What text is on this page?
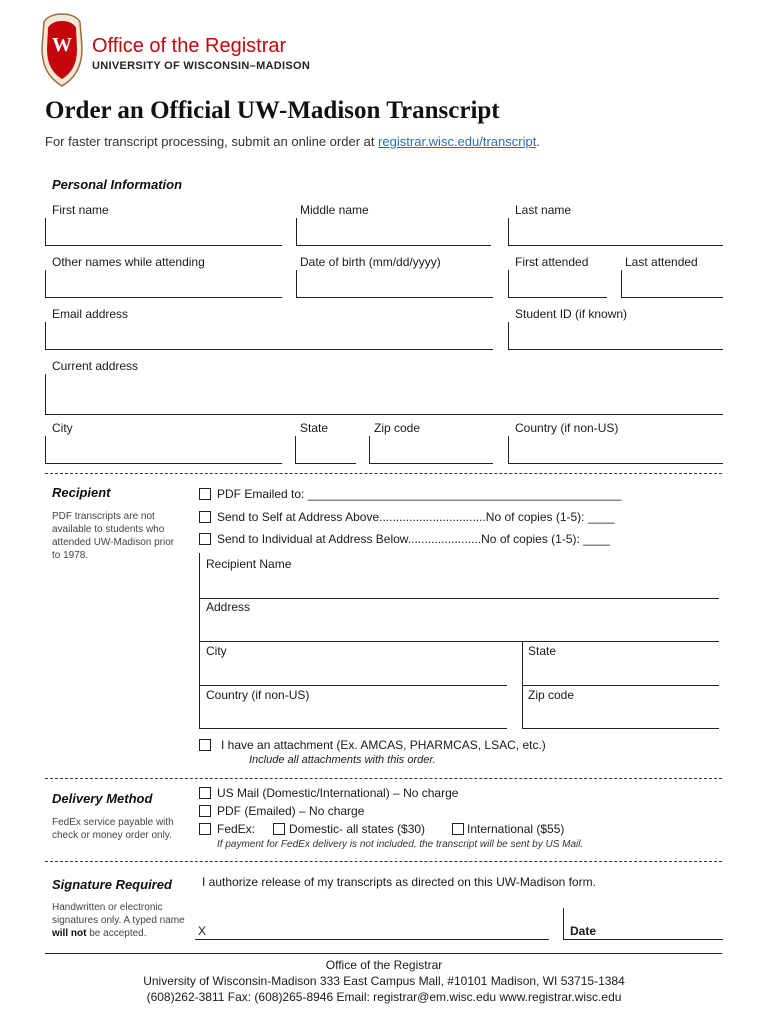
W	Office of the Registrar
UNIVERSITY OF WISCONSIN–MADISON
Order an Official UW-Madison Transcript
For faster transcript processing, submit an online order at registrar.wisc.edu/transcript.
Personal Information
First name	Middle name	Last name
Other names while attending	Date of birth (mm/dd/yyyy)	First attended	Last attended
Email address	Student ID (if known)
Current address
City	State	Zip code	Country (if non-US)
Recipient
PDF transcripts are not available to students who attended UW-Madison prior to 1978.
PDF Emailed to: _______________________________________________
Send to Self at Address Above................................No of copies (1-5): ____
Send to Individual at Address Below......................No of copies (1-5): ____
Recipient Name
Address
City	State
Country (if non-US)	Zip code
I have an attachment (Ex. AMCAS, PHARMCAS, LSAC, etc.)
Include all attachments with this order.
Delivery Method
FedEx service payable with check or money order only.
US Mail (Domestic/International) – No charge
PDF (Emailed) – No charge
FedEx:	Domestic- all states ($30)	International ($55)
If payment for FedEx delivery is not included, the transcript will be sent by US Mail.
Signature Required
Handwritten or electronic signatures only. A typed name will not be accepted.
I authorize release of my transcripts as directed on this UW-Madison form.
X	Date
Office of the Registrar
University of Wisconsin-Madison 333 East Campus Mall, #10101 Madison, WI 53715-1384
(608)262-3811 Fax: (608)265-8946 Email: registrar@em.wisc.edu www.registrar.wisc.edu
